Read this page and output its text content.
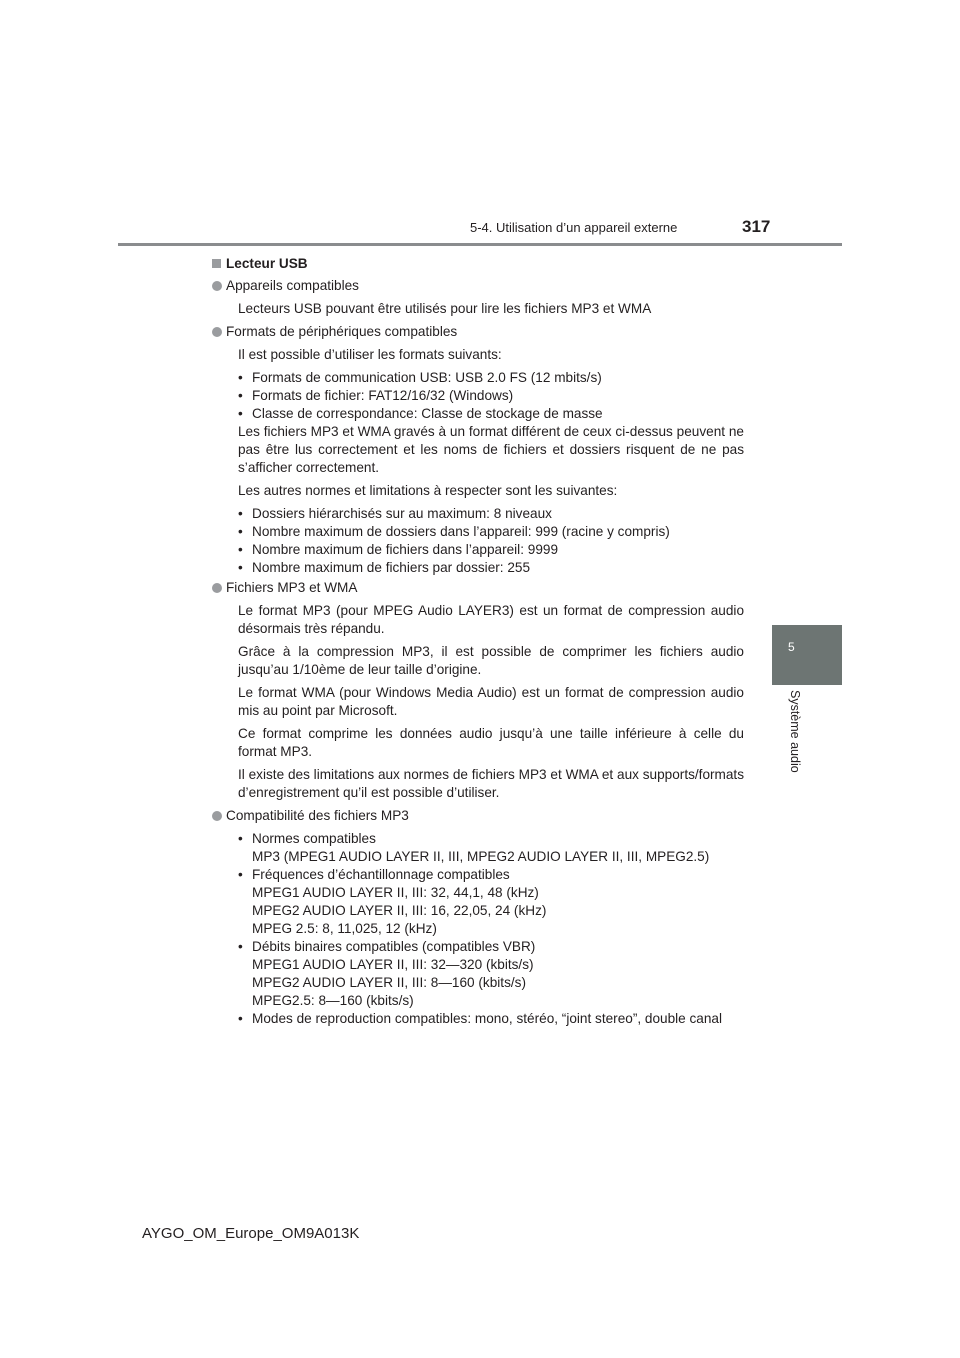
5-4. Utilisation d’un appareil externe	317
5
Système audio
Lecteur USB
Appareils compatibles
Lecteurs USB pouvant être utilisés pour lire les fichiers MP3 et WMA
Formats de périphériques compatibles
Il est possible d’utiliser les formats suivants:
• Formats de communication USB: USB 2.0 FS (12 mbits/s)
• Formats de fichier: FAT12/16/32 (Windows)
• Classe de correspondance: Classe de stockage de masse
Les fichiers MP3 et WMA gravés à un format différent de ceux ci-dessus peuvent ne pas être lus correctement et les noms de fichiers et dossiers risquent de ne pas s’afficher correctement.
Les autres normes et limitations à respecter sont les suivantes:
• Dossiers hiérarchisés sur au maximum: 8 niveaux
• Nombre maximum de dossiers dans l’appareil: 999 (racine y compris)
• Nombre maximum de fichiers dans l’appareil: 9999
• Nombre maximum de fichiers par dossier: 255
Fichiers MP3 et WMA
Le format MP3 (pour MPEG Audio LAYER3) est un format de compression audio désormais très répandu.
Grâce à la compression MP3, il est possible de comprimer les fichiers audio jusqu’au 1/10ème de leur taille d’origine.
Le format WMA (pour Windows Media Audio) est un format de compression audio mis au point par Microsoft.
Ce format comprime les données audio jusqu’à une taille inférieure à celle du format MP3.
Il existe des limitations aux normes de fichiers MP3 et WMA et aux supports/formats d’enregistrement qu’il est possible d’utiliser.
Compatibilité des fichiers MP3
• Normes compatibles
MP3 (MPEG1 AUDIO LAYER II, III, MPEG2 AUDIO LAYER II, III, MPEG2.5)
• Fréquences d’échantillonnage compatibles
MPEG1 AUDIO LAYER II, III: 32, 44,1, 48 (kHz)
MPEG2 AUDIO LAYER II, III: 16, 22,05, 24 (kHz)
MPEG 2.5: 8, 11,025, 12 (kHz)
• Débits binaires compatibles (compatibles VBR)
MPEG1 AUDIO LAYER II, III: 32—320 (kbits/s)
MPEG2 AUDIO LAYER II, III: 8—160 (kbits/s)
MPEG2.5: 8—160 (kbits/s)
• Modes de reproduction compatibles: mono, stéréo, “joint stereo”, double canal
AYGO_OM_Europe_OM9A013K
